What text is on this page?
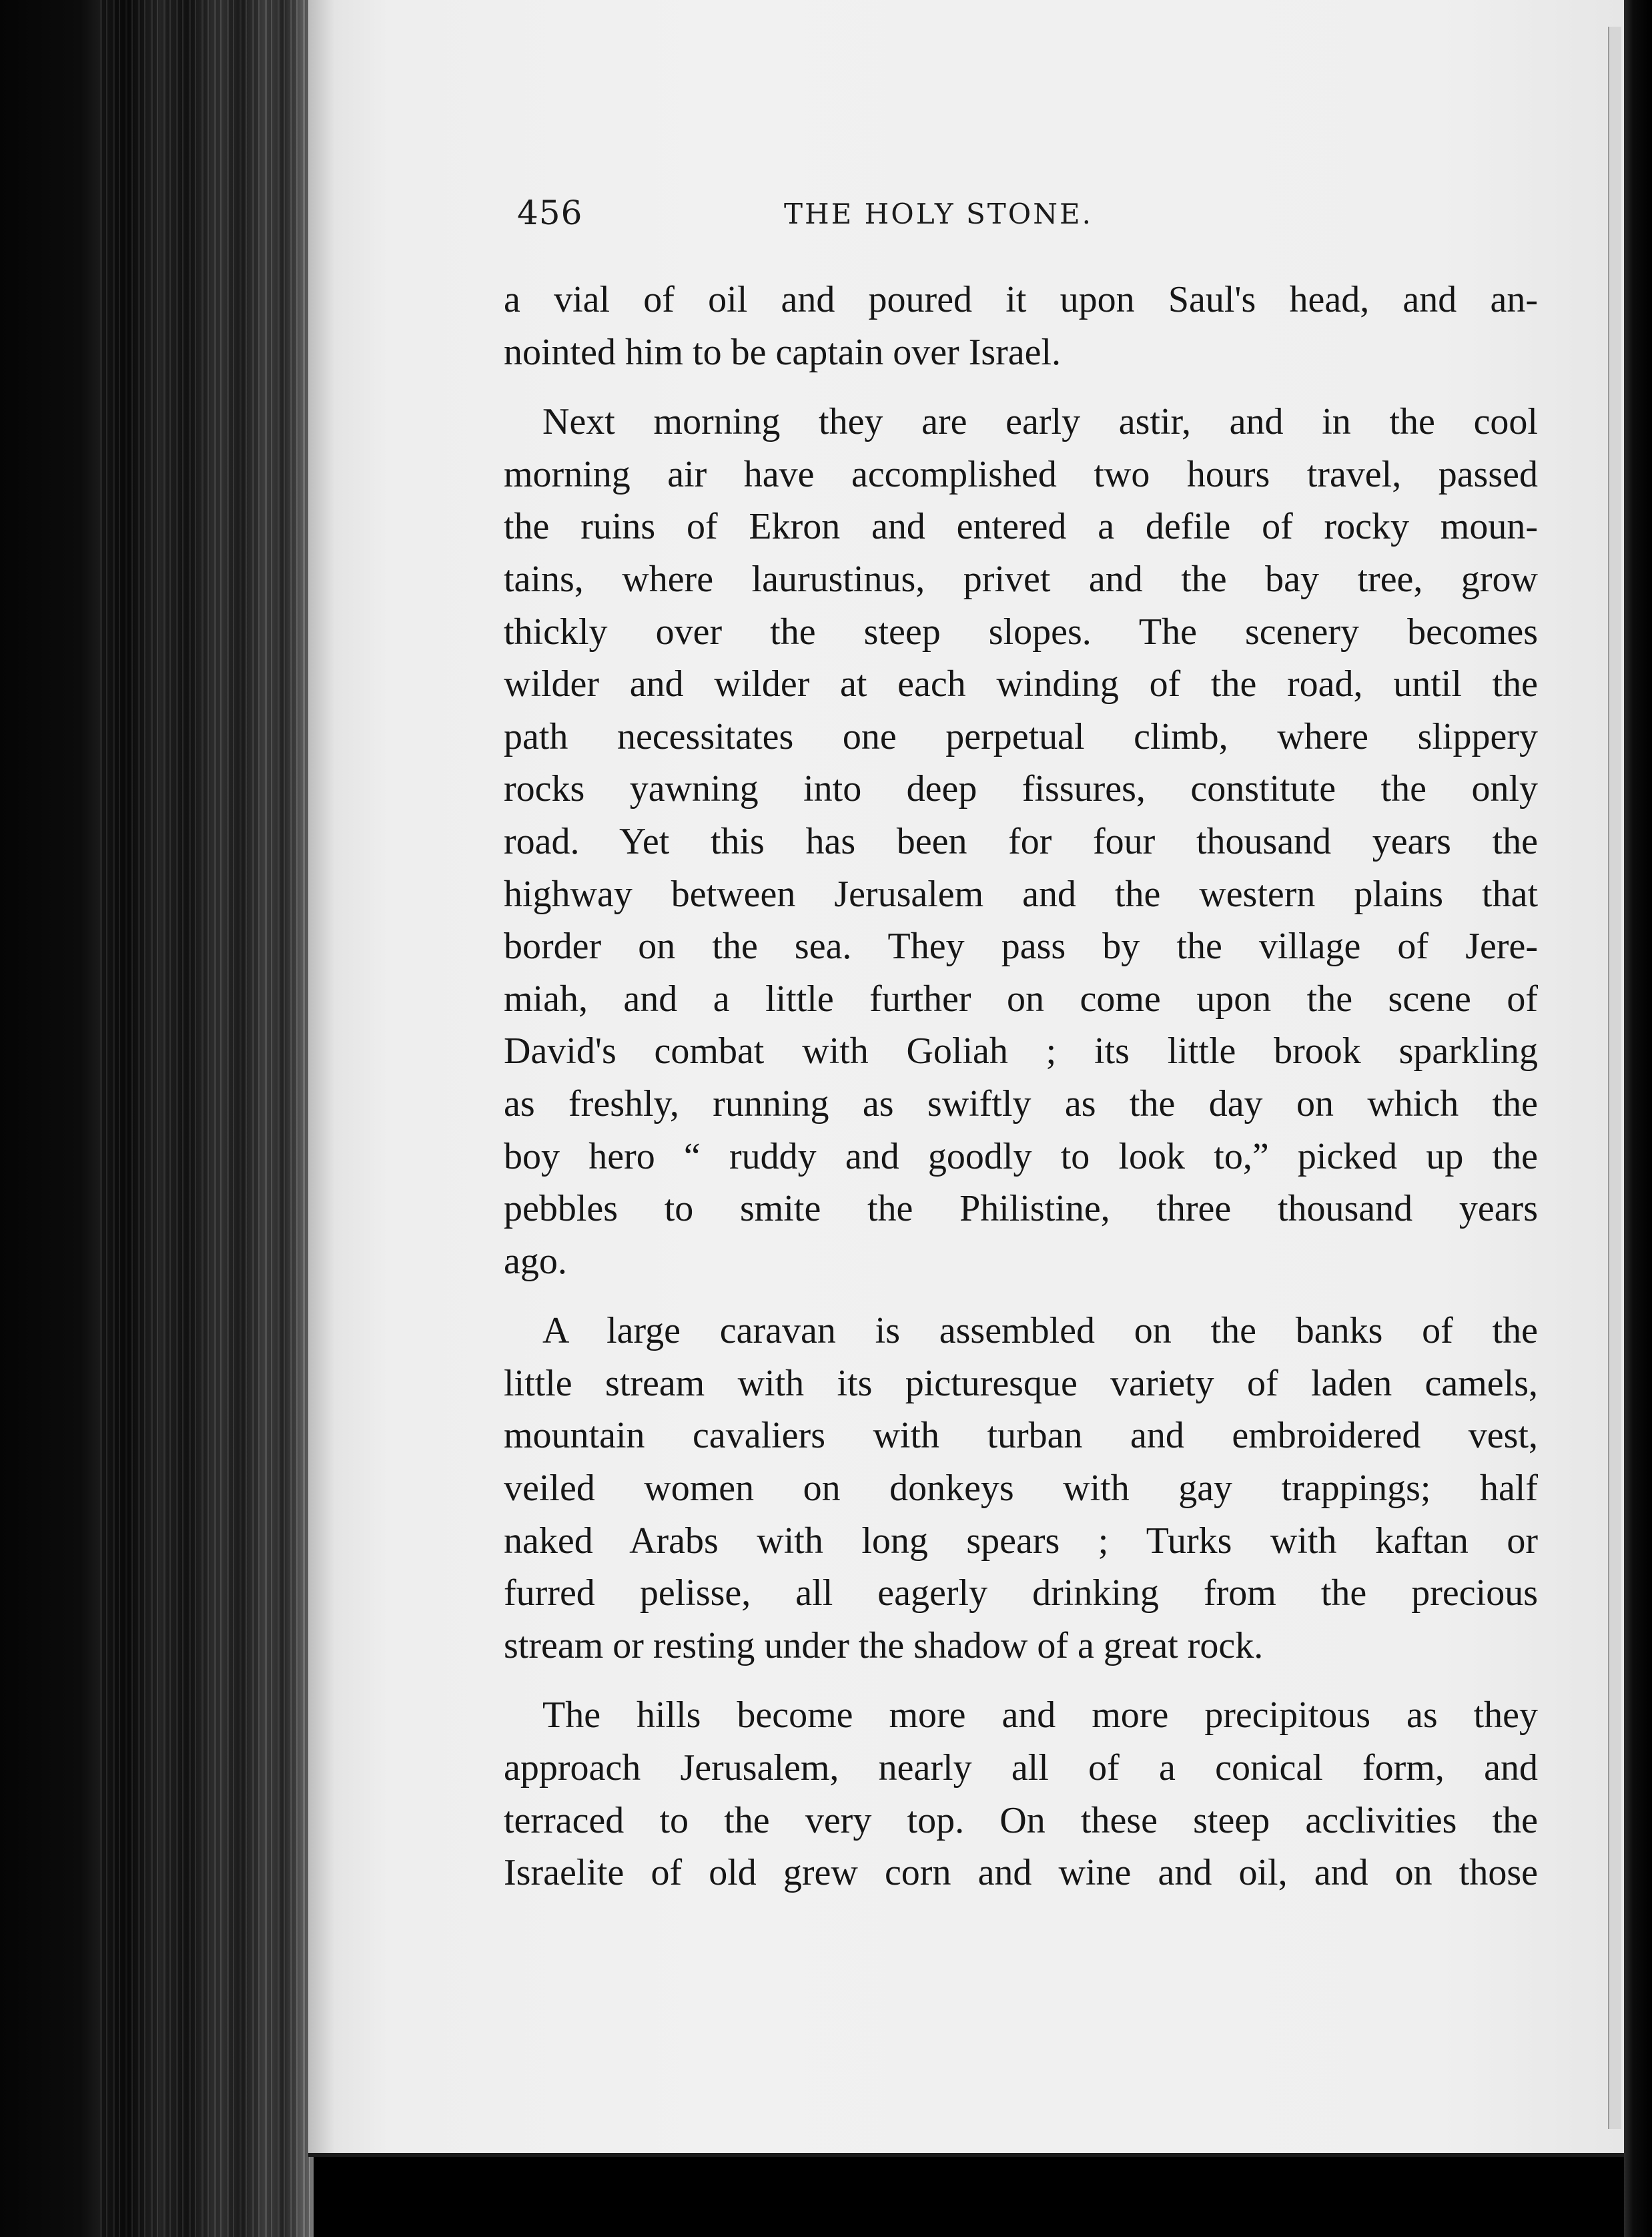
456	THE HOLY STONE.

a vial of oil and poured it upon Saul's head, and an-
nointed him to be captain over Israel.

Next morning they are early astir, and in the cool
morning air have accomplished two hours travel, passed
the ruins of Ekron and entered a defile of rocky moun-
tains, where laurustinus, privet and the bay tree, grow
thickly over the steep slopes. The scenery becomes
wilder and wilder at each winding of the road, until the
path necessitates one perpetual climb, where slippery
rocks yawning into deep fissures, constitute the only
road. Yet this has been for four thousand years the
highway between Jerusalem and the western plains that
border on the sea. They pass by the village of Jere-
miah, and a little further on come upon the scene of
David's combat with Goliah ; its little brook sparkling
as freshly, running as swiftly as the day on which the
boy hero “ ruddy and goodly to look to,” picked up the
pebbles to smite the Philistine, three thousand years
ago.

A large caravan is assembled on the banks of the
little stream with its picturesque variety of laden camels,
mountain cavaliers with turban and embroidered vest,
veiled women on donkeys with gay trappings; half
naked Arabs with long spears ; Turks with kaftan or
furred pelisse, all eagerly drinking from the precious
stream or resting under the shadow of a great rock.

The hills become more and more precipitous as they
approach Jerusalem, nearly all of a conical form, and
terraced to the very top. On these steep acclivities the
Israelite of old grew corn and wine and oil, and on those
